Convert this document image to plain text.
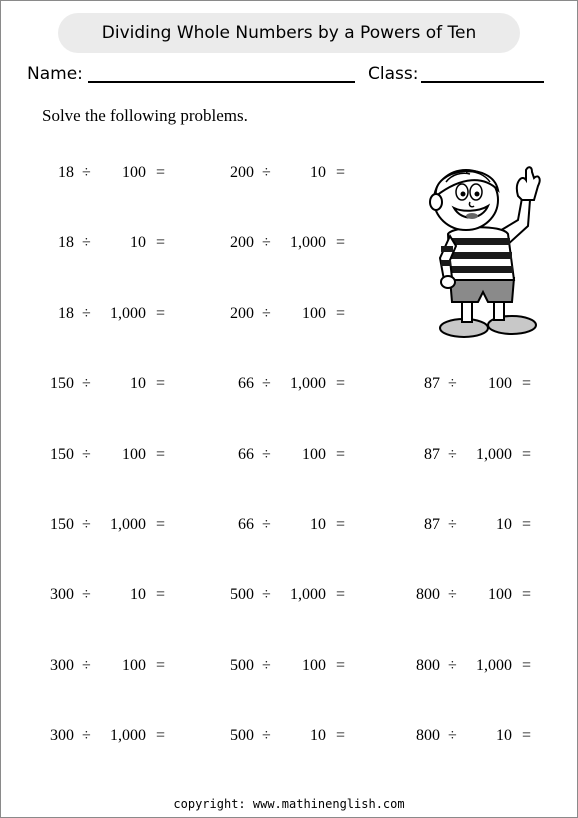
Dividing Whole Numbers by a Powers of Ten
Name:	Class:
Solve the following problems.
18 ÷	100 =	200 ÷	10 =
18 ÷	10 =	200 ÷	1,000 =
18 ÷	1,000 =	200 ÷	100 =
150 ÷	10 =	66 ÷	1,000 =	87 ÷	100 =
150 ÷	100 =	66 ÷	100 =	87 ÷	1,000 =
150 ÷	1,000 =	66 ÷	10 =	87 ÷	10 =
300 ÷	10 =	500 ÷	1,000 =	800 ÷	100 =
300 ÷	100 =	500 ÷	100 =	800 ÷	1,000 =
300 ÷	1,000 =	500 ÷	10 =	800 ÷	10 =
copyright: www.mathinenglish.com
